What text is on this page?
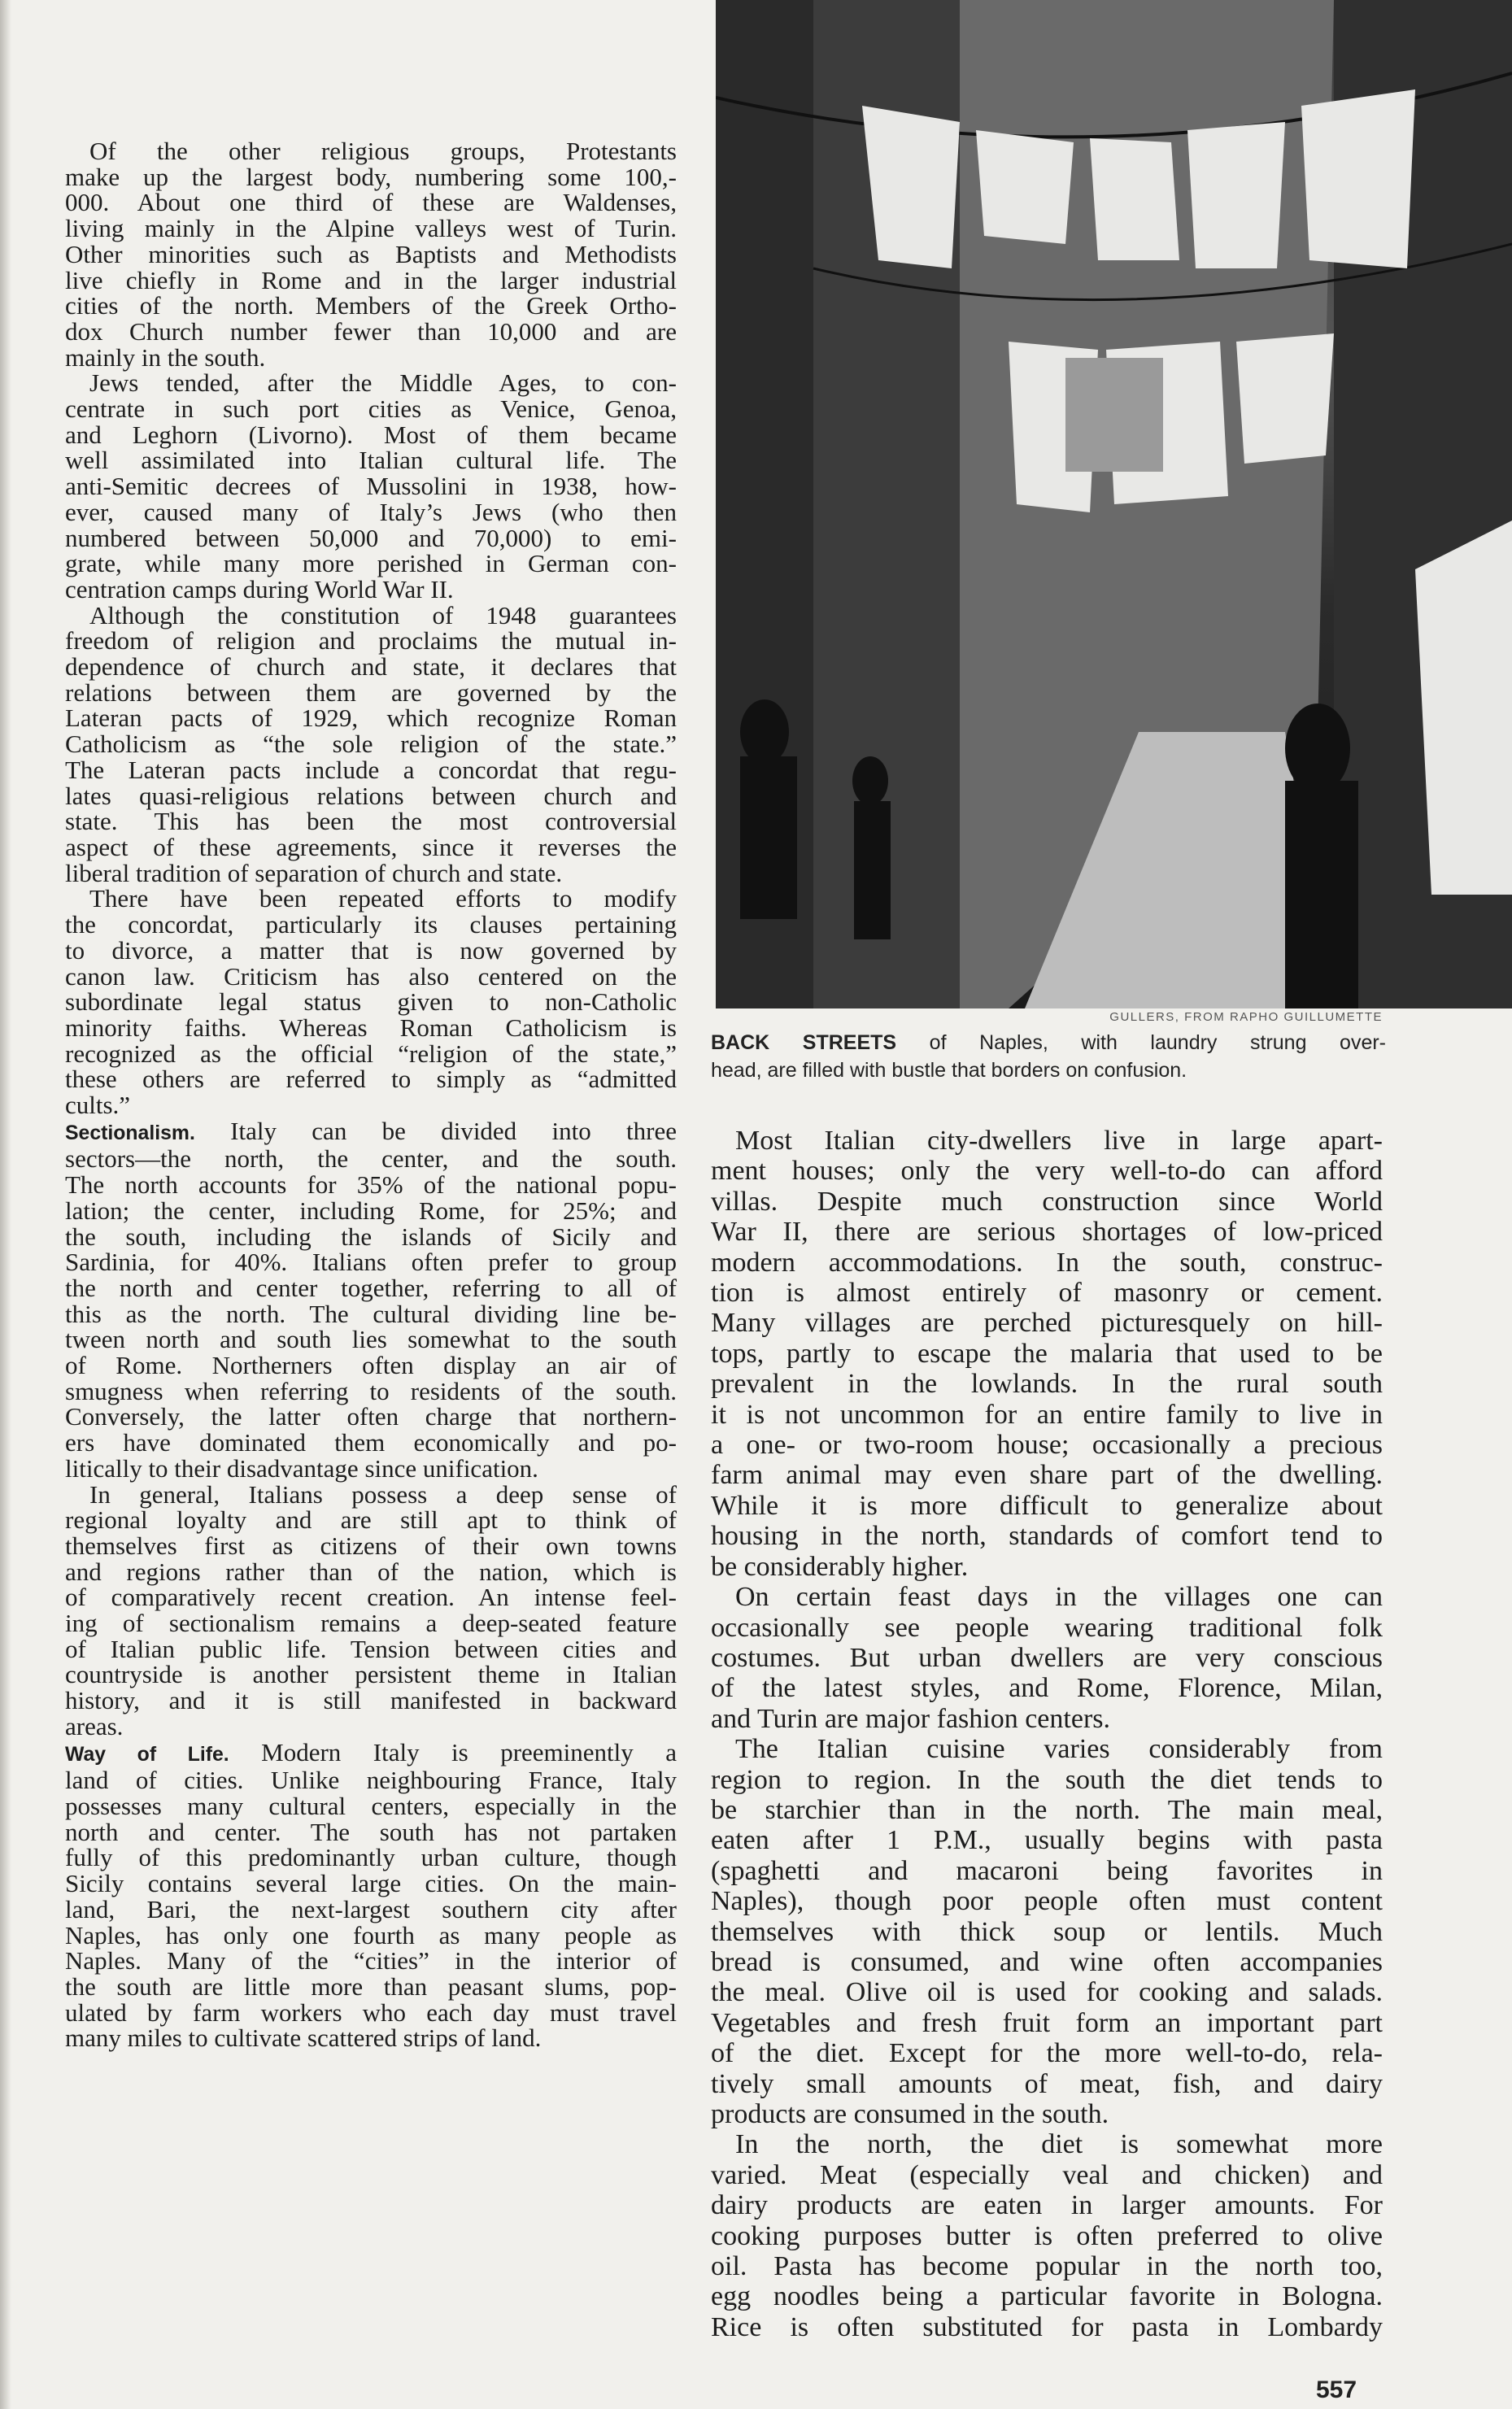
Of the other religious groups, Protestants
make up the largest body, numbering some 100,-
000. About one third of these are Waldenses,
living mainly in the Alpine valleys west of Turin.
Other minorities such as Baptists and Methodists
live chiefly in Rome and in the larger industrial
cities of the north. Members of the Greek Ortho-
dox Church number fewer than 10,000 and are
mainly in the south.
Jews tended, after the Middle Ages, to con-
centrate in such port cities as Venice, Genoa,
and Leghorn (Livorno). Most of them became
well assimilated into Italian cultural life. The
anti-Semitic decrees of Mussolini in 1938, how-
ever, caused many of Italy’s Jews (who then
numbered between 50,000 and 70,000) to emi-
grate, while many more perished in German con-
centration camps during World War II.
Although the constitution of 1948 guarantees
freedom of religion and proclaims the mutual in-
dependence of church and state, it declares that
relations between them are governed by the
Lateran pacts of 1929, which recognize Roman
Catholicism as “the sole religion of the state.”
The Lateran pacts include a concordat that regu-
lates quasi-religious relations between church and
state. This has been the most controversial
aspect of these agreements, since it reverses the
liberal tradition of separation of church and state.
There have been repeated efforts to modify
the concordat, particularly its clauses pertaining
to divorce, a matter that is now governed by
canon law. Criticism has also centered on the
subordinate legal status given to non-Catholic
minority faiths. Whereas Roman Catholicism is
recognized as the official “religion of the state,”
these others are referred to simply as “admitted
cults.”
Sectionalism. Italy can be divided into three
sectors—the north, the center, and the south.
The north accounts for 35% of the national popu-
lation; the center, including Rome, for 25%; and
the south, including the islands of Sicily and
Sardinia, for 40%. Italians often prefer to group
the north and center together, referring to all of
this as the north. The cultural dividing line be-
tween north and south lies somewhat to the south
of Rome. Northerners often display an air of
smugness when referring to residents of the south.
Conversely, the latter often charge that northern-
ers have dominated them economically and po-
litically to their disadvantage since unification.
In general, Italians possess a deep sense of
regional loyalty and are still apt to think of
themselves first as citizens of their own towns
and regions rather than of the nation, which is
of comparatively recent creation. An intense feel-
ing of sectionalism remains a deep-seated feature
of Italian public life. Tension between cities and
countryside is another persistent theme in Italian
history, and it is still manifested in backward
areas.
Way of Life. Modern Italy is preeminently a
land of cities. Unlike neighbouring France, Italy
possesses many cultural centers, especially in the
north and center. The south has not partaken
fully of this predominantly urban culture, though
Sicily contains several large cities. On the main-
land, Bari, the next-largest southern city after
Naples, has only one fourth as many people as
Naples. Many of the “cities” in the interior of
the south are little more than peasant slums, pop-
ulated by farm workers who each day must travel
many miles to cultivate scattered strips of land.
GULLERS, FROM RAPHO GUILLUMETTE
BACK STREETS of Naples, with laundry strung over-
head, are filled with bustle that borders on confusion.
Most Italian city-dwellers live in large apart-
ment houses; only the very well-to-do can afford
villas. Despite much construction since World
War II, there are serious shortages of low-priced
modern accommodations. In the south, construc-
tion is almost entirely of masonry or cement.
Many villages are perched picturesquely on hill-
tops, partly to escape the malaria that used to be
prevalent in the lowlands. In the rural south
it is not uncommon for an entire family to live in
a one- or two-room house; occasionally a precious
farm animal may even share part of the dwelling.
While it is more difficult to generalize about
housing in the north, standards of comfort tend to
be considerably higher.
On certain feast days in the villages one can
occasionally see people wearing traditional folk
costumes. But urban dwellers are very conscious
of the latest styles, and Rome, Florence, Milan,
and Turin are major fashion centers.
The Italian cuisine varies considerably from
region to region. In the south the diet tends to
be starchier than in the north. The main meal,
eaten after 1 P.M., usually begins with pasta
(spaghetti and macaroni being favorites in
Naples), though poor people often must content
themselves with thick soup or lentils. Much
bread is consumed, and wine often accompanies
the meal. Olive oil is used for cooking and salads.
Vegetables and fresh fruit form an important part
of the diet. Except for the more well-to-do, rela-
tively small amounts of meat, fish, and dairy
products are consumed in the south.
In the north, the diet is somewhat more
varied. Meat (especially veal and chicken) and
dairy products are eaten in larger amounts. For
cooking purposes butter is often preferred to olive
oil. Pasta has become popular in the north too,
egg noodles being a particular favorite in Bologna.
Rice is often substituted for pasta in Lombardy
557
